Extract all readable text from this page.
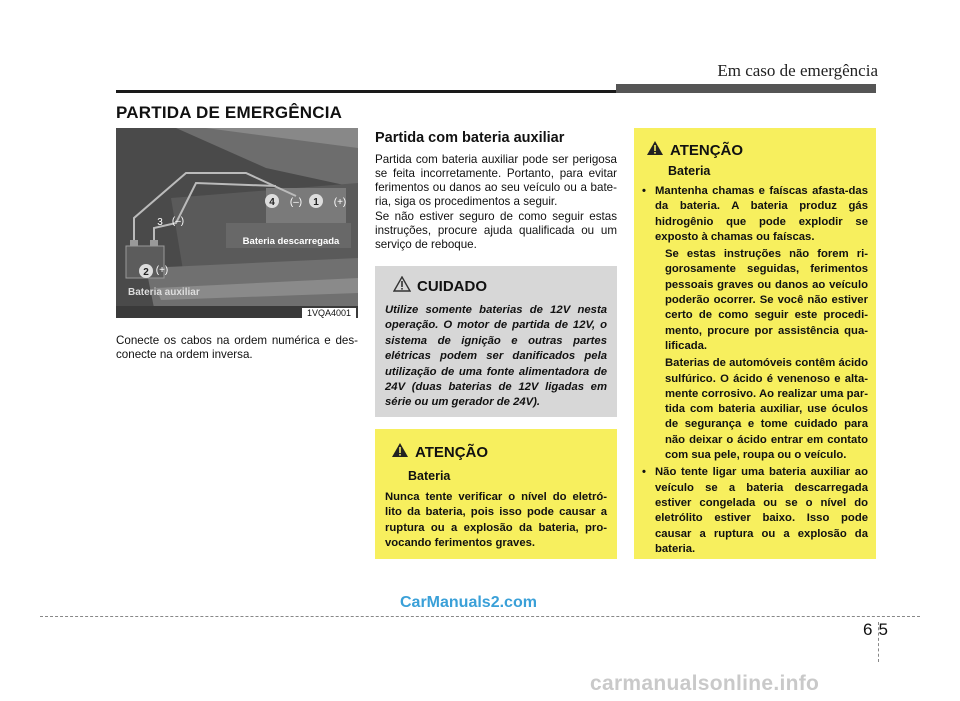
Em caso de emergência
PARTIDA DE EMERGÊNCIA
4 (–) 1 (+)
3 (–)
2 (+)
Bateria descarregada
Bateria auxiliar
1VQA4001
Conecte os cabos na ordem numérica e des-conecte na ordem inversa.
Partida com bateria auxiliar
Partida com bateria auxiliar pode ser perigosa se feita incorretamente. Portanto, para evitar ferimentos ou danos ao seu veículo ou a bate-ria, siga os procedimentos a seguir.
Se não estiver seguro de como seguir estas instruções, procure ajuda qualificada ou um serviço de reboque.
CUIDADO
Utilize somente baterias de 12V nesta operação. O motor de partida de 12V, o sistema de ignição e outras partes elétricas podem ser danificados pela utilização de uma fonte alimentadora de 24V (duas baterias de 12V ligadas em série ou um gerador de 24V).
ATENÇÃO
Bateria
Nunca tente verificar o nível do eletró-lito da bateria, pois isso pode causar a ruptura ou a explosão da bateria, pro-vocando ferimentos graves.
ATENÇÃO
Bateria
• Mantenha chamas e faíscas afasta-das da bateria. A bateria produz gás hidrogênio que pode explodir se exposto à chamas ou faíscas.

Se estas instruções não forem ri-gorosamente seguidas, ferimentos pessoais graves ou danos ao veículo poderão ocorrer. Se você não estiver certo de como seguir este procedi-mento, procure por assistência qua-lificada.

Baterias de automóveis contêm ácido sulfúrico. O ácido é venenoso e alta-mente corrosivo. Ao realizar uma par-tida com bateria auxiliar, use óculos de segurança e tome cuidado para não deixar o ácido entrar em contato com sua pele, roupa ou o veículo.

• Não tente ligar uma bateria auxiliar ao veículo se a bateria descarregada estiver congelada ou se o nível do eletrólito estiver baixo. Isso pode causar a ruptura ou a explosão da bateria.

CarManuals2.com
6 5
carmanualsonline.info
